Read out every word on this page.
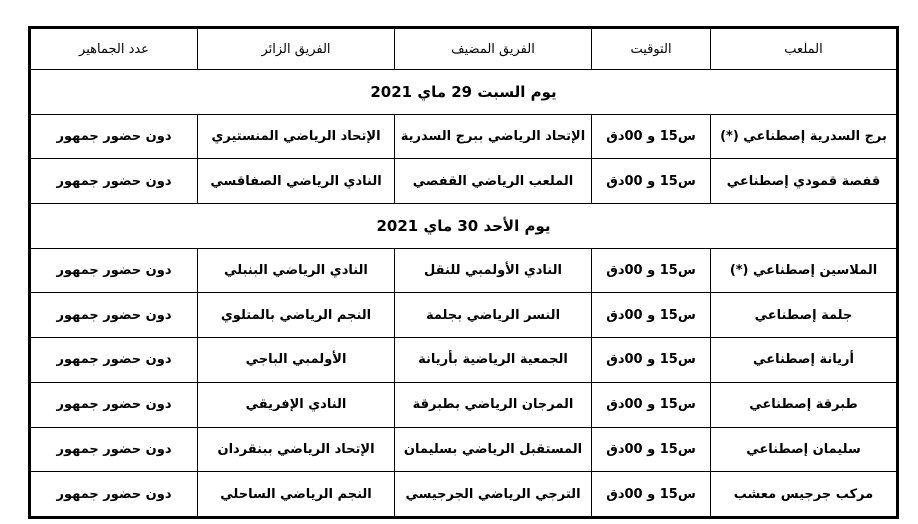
الملعب	التوقيت	الفريق المضيف	الفريق الزائر	عدد الجماهير
يوم السبت 29 ماي 2021				
برج السدرية إصطناعي (*)	س15 و 00دق	الإتحاد الرياضي ببرج السدرية	الإتحاد الرياضي المنستيري	دون حضور جمهور
قفصة قمودي إصطناعي	س15 و 00دق	الملعب الرياضي القفصي	النادي الرياضي الصفاقسي	دون حضور جمهور
يوم الأحد 30 ماي 2021				
الملاسين إصطناعي (*)	س15 و 00دق	النادي الأولمبي للنقل	النادي الرياضي البنبلي	دون حضور جمهور
جلمة إصطناعي	س15 و 00دق	النسر الرياضي بجلمة	النجم الرياضي بالمتلوي	دون حضور جمهور
أريانة إصطناعي	س15 و 00دق	الجمعية الرياضية بأريانة	الأولمبي الباجي	دون حضور جمهور
طبرقة إصطناعي	س15 و 00دق	المرجان الرياضي بطبرقة	النادي الإفريقي	دون حضور جمهور
سليمان إصطناعي	س15 و 00دق	المستقبل الرياضي بسليمان	الإتحاد الرياضي ببنقردان	دون حضور جمهور
مركب جرجيس معشب	س15 و 00دق	الترجي الرياضي الجرجيسي	النجم الرياضي الساحلي	دون حضور جمهور
